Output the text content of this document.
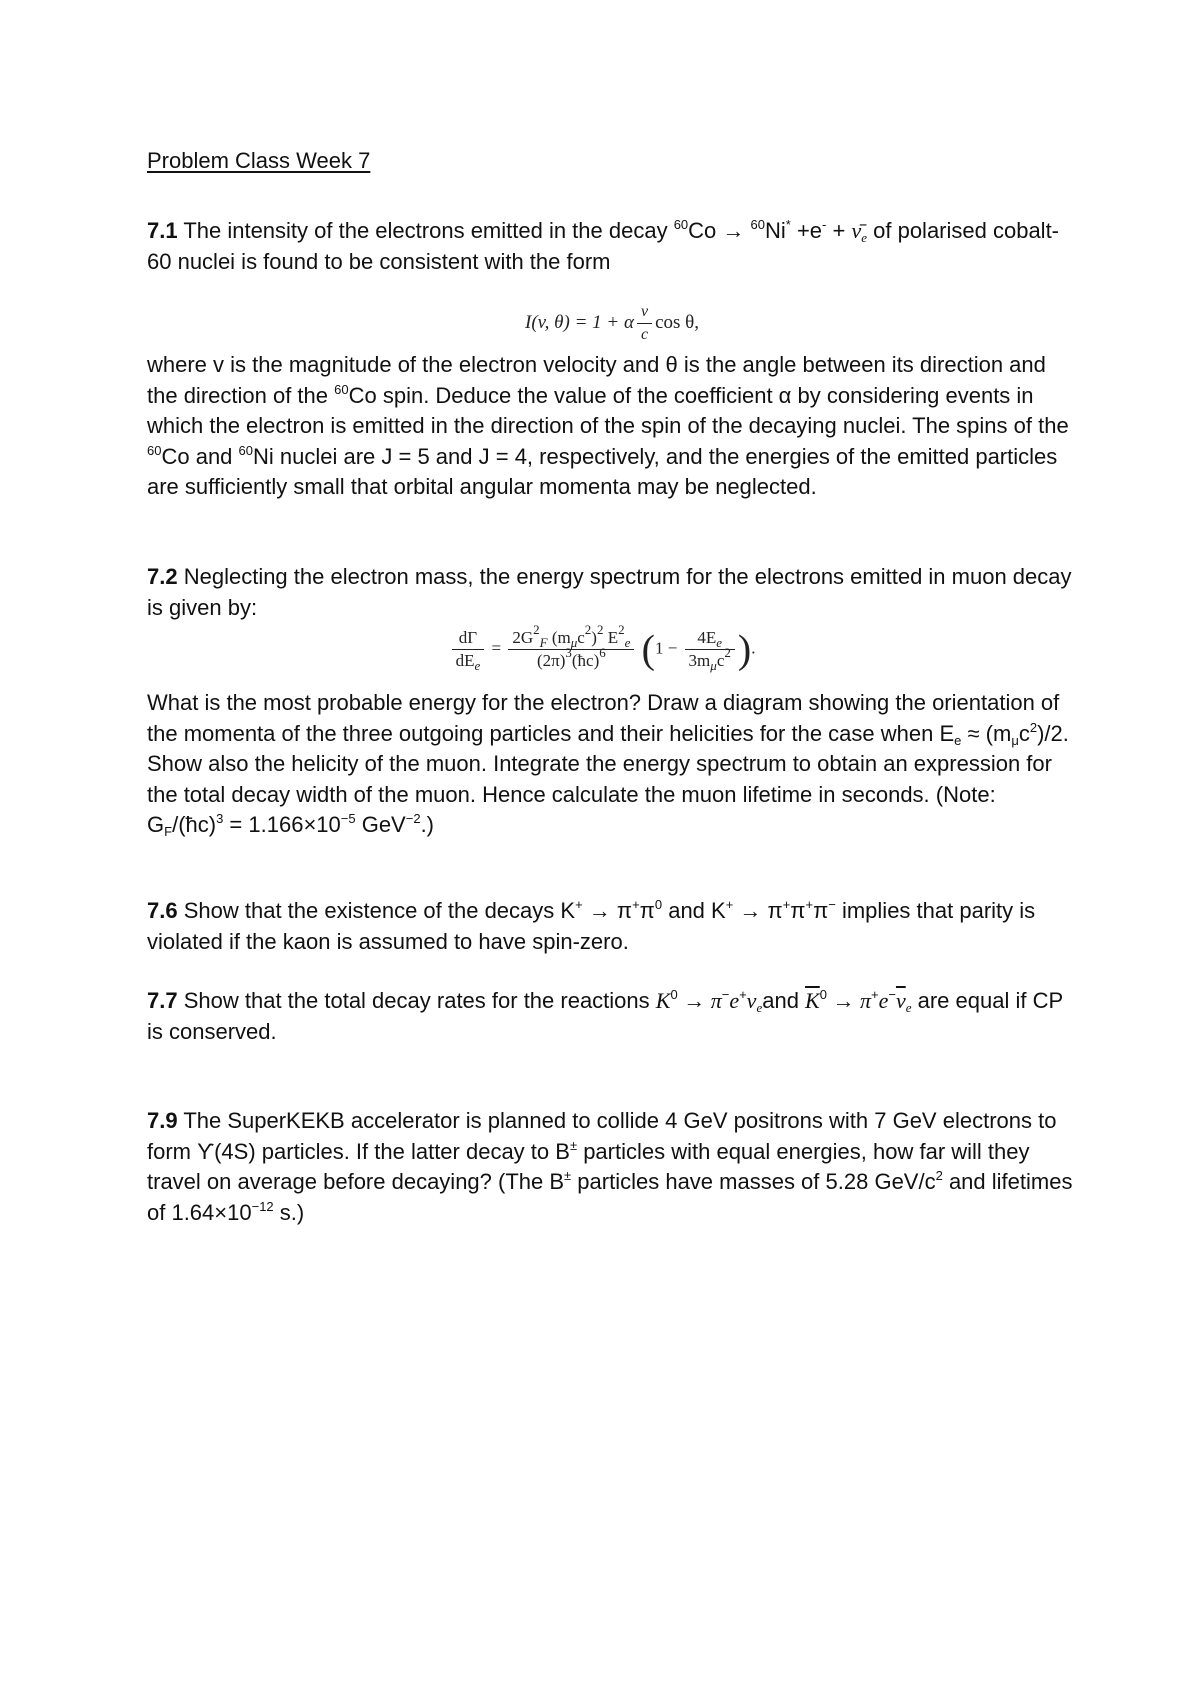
Problem Class Week 7
7.1 The intensity of the electrons emitted in the decay $^{60}Co \to ^{60}Ni^* +e^- + \nū_e$ of polarised cobalt-60 nuclei is found to be consistent with the form
I(v, θ) = 1 + α $\frac{v}{c}$ cos θ,
where v is the magnitude of the electron velocity and θ is the angle between its direction and the direction of the $^{60}$Co spin. Deduce the value of the coefficient α by considering events in which the electron is emitted in the direction of the spin of the decaying nuclei. The spins of the $^{60}$Co and $^{60}$Ni nuclei are J = 5 and J = 4, respectively, and the energies of the emitted particles are sufficiently small that orbital angular momenta may be neglected.
7.2 Neglecting the electron mass, the energy spectrum for the electrons emitted in muon decay is given by:
$\frac{d\Gamma}{dE_e} = \frac{2G^2_F (m_\mu c^2)^2 E^2_e}{(2\pi)^3(ħc)^6} (1 - \frac{4E_e}{3m_\mu c^2}$ ).
What is the most probable energy for the electron? Draw a diagram showing the orientation of the momenta of the three outgoing particles and their helicities for the case when $E_e \approx (m_\mu c^2)/2$. Show also the helicity of the muon. Integrate the energy spectrum to obtain an expression for the total decay width of the muon. Hence calculate the muon lifetime in seconds. (Note: $G_F/(ħc)^3 = 1.166\times 10^{-5}$ GeV$^{-2}$.)
7.6 Show that the existence of the decays $K^+ \to \pi^+\pi^0$ and K+ → π+π+π− implies that parity is violated if the kaon is assumed to have spin-zero.
7.7 Show that the total decay rates for the reactions $K^0 \to \pi^-e^+\nu_eand$ $\overline{K}^0 \to \pi^+e^-\overline{\nu}_e$ are equal if CP is conserved.
7.9 The SuperKEKB accelerator is planned to collide 4 GeV positrons with 7 GeV electrons to form ϒ(4S) particles. If the latter decay to B± particles with equal energies, how far will they travel on average before decaying? (The B± particles have masses of 5.28 GeV/$c^2$ and lifetimes of $1.64\times 10^{-12}$ s.)
